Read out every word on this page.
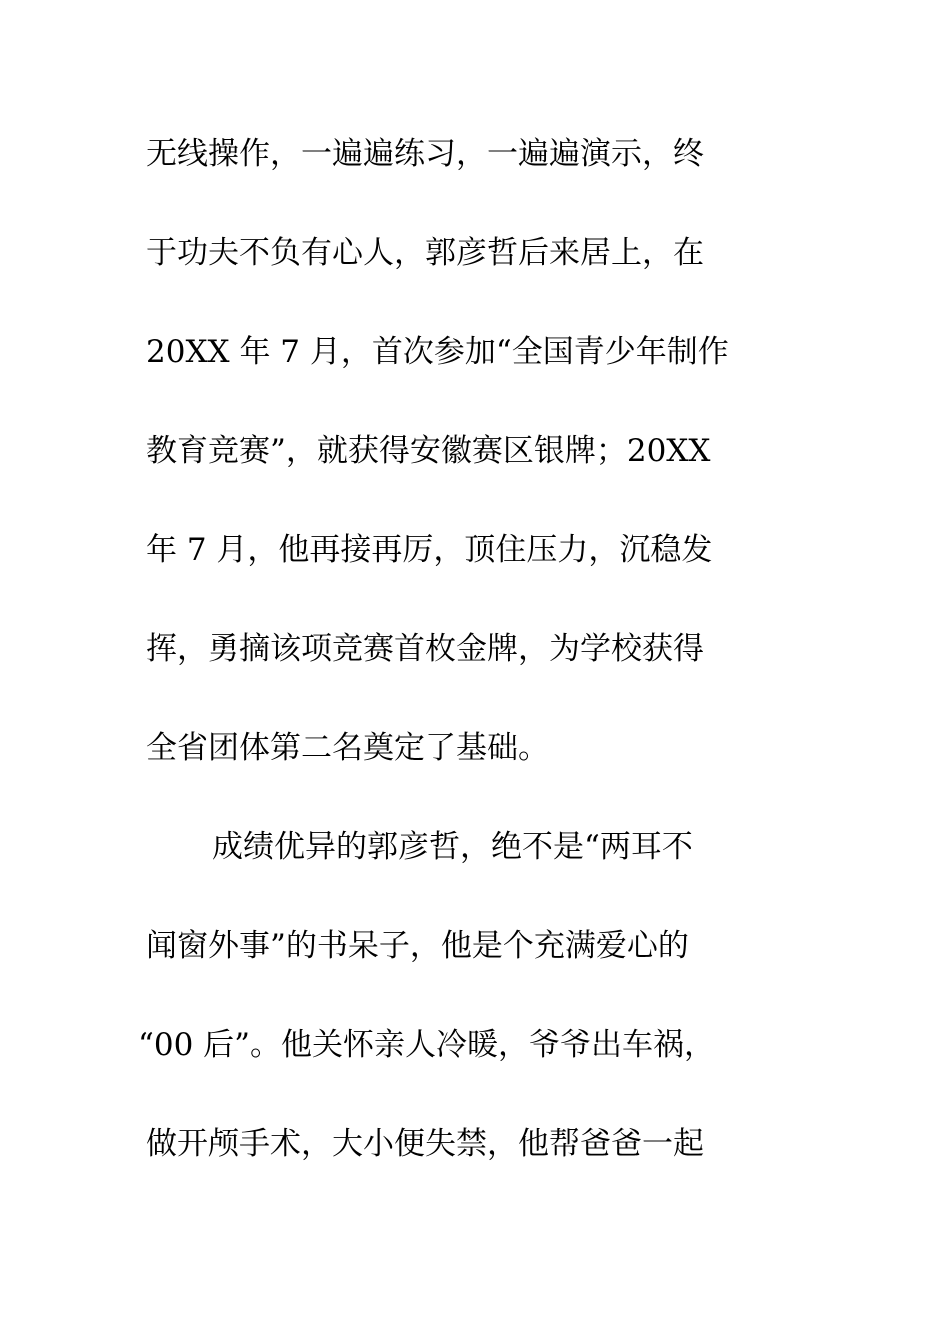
无线操作，一遍遍练习，一遍遍演示，终
于功夫不负有心人，郭彦哲后来居上，在
20XX 年 7 月，首次参加“全国青少年制作
教育竞赛”，就获得安徽赛区银牌；20XX
年 7 月，他再接再厉，顶住压力，沉稳发
挥，勇摘该项竞赛首枚金牌，为学校获得
全省团体第二名奠定了基础。
成绩优异的郭彦哲，绝不是“两耳不
闻窗外事”的书呆子，他是个充满爱心的
“00 后”。他关怀亲人冷暖，爷爷出车祸，
做开颅手术，大小便失禁，他帮爸爸一起
